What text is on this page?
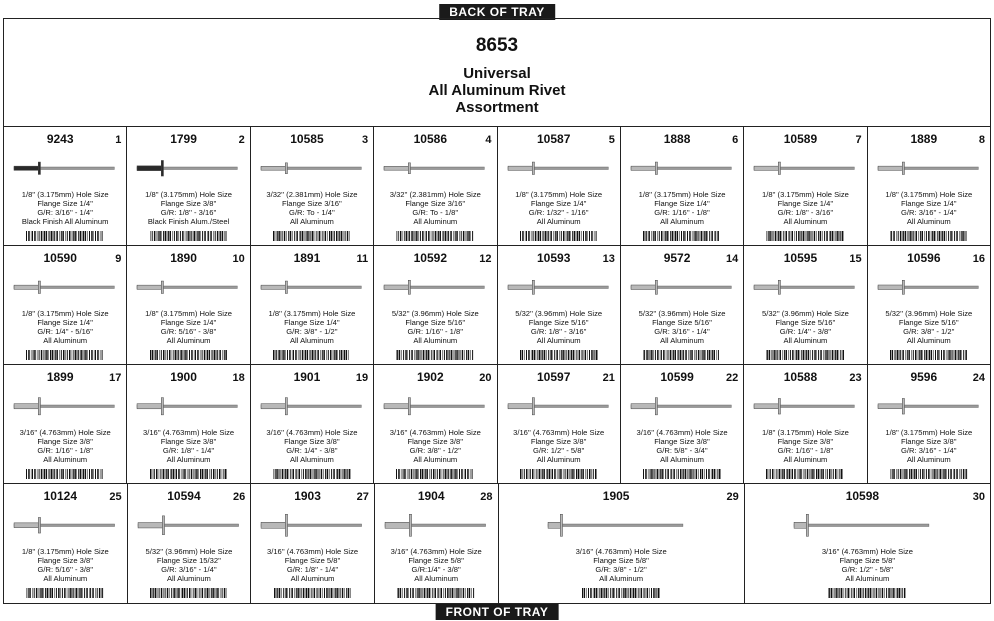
BACK OF TRAY
8653
Universal
All Aluminum Rivet
Assortment
9243	1
1/8'' (3.175mm) Hole Size
Flange Size 1/4''
G/R: 3/16'' - 1/4''
Black Finish All Aluminum
1799	2
1/8'' (3.175mm) Hole Size
Flange Size 3/8''
G/R: 1/8'' - 3/16''
Black Finish Alum./Steel
10585	3
3/32'' (2.381mm) Hole Size
Flange Size 3/16''
G/R: To - 1/4''
All Aluminum
10586	4
3/32'' (2.381mm) Hole Size
Flange Size 3/16''
G/R: To - 1/8''
All Aluminum
10587	5
1/8'' (3.175mm) Hole Size
Flange Size 1/4''
G/R: 1/32'' - 1/16''
All Aluminum
1888	6
1/8'' (3.175mm) Hole Size
Flange Size 1/4''
G/R: 1/16'' - 1/8''
All Aluminum
10589	7
1/8'' (3.175mm) Hole Size
Flange Size 1/4''
G/R: 1/8'' - 3/16''
All Aluminum
1889	8
1/8'' (3.175mm) Hole Size
Flange Size 1/4''
G/R: 3/16'' - 1/4''
All Aluminum
10590	9
1/8'' (3.175mm) Hole Size
Flange Size 1/4''
G/R: 1/4'' - 5/16''
All Aluminum
1890	10
1/8'' (3.175mm) Hole Size
Flange Size 1/4''
G/R: 5/16'' - 3/8''
All Aluminum
1891	11
1/8'' (3.175mm) Hole Size
Flange Size 1/4''
G/R: 3/8'' - 1/2''
All Aluminum
10592	12
5/32'' (3.96mm) Hole Size
Flange Size 5/16''
G/R: 1/16'' - 1/8''
All Aluminum
10593	13
5/32'' (3.96mm) Hole Size
Flange Size 5/16''
G/R: 1/8'' - 3/16''
All Aluminum
9572	14
5/32'' (3.96mm) Hole Size
Flange Size 5/16''
G/R: 3/16'' - 1/4''
All Aluminum
10595	15
5/32'' (3.96mm) Hole Size
Flange Size 5/16''
G/R: 1/4'' - 3/8''
All Aluminum
10596	16
5/32'' (3.96mm) Hole Size
Flange Size 5/16''
G/R: 3/8'' - 1/2''
All Aluminum
1899	17
3/16'' (4.763mm) Hole Size
Flange Size 3/8''
G/R: 1/16'' - 1/8''
All Aluminum
1900	18
3/16'' (4.763mm) Hole Size
Flange Size 3/8''
G/R: 1/8'' - 1/4''
All Aluminum
1901	19
3/16'' (4.763mm) Hole Size
Flange Size 3/8''
G/R: 1/4'' - 3/8''
All Aluminum
1902	20
3/16'' (4.763mm) Hole Size
Flange Size 3/8''
G/R: 3/8'' - 1/2''
All Aluminum
10597	21
3/16'' (4.763mm) Hole Size
Flange Size 3/8''
G/R: 1/2'' - 5/8''
All Aluminum
10599	22
3/16'' (4.763mm) Hole Size
Flange Size 3/8''
G/R: 5/8'' - 3/4''
All Aluminum
10588	23
1/8'' (3.175mm) Hole Size
Flange Size 3/8''
G/R: 1/16'' - 1/8''
All Aluminum
9596	24
1/8'' (3.175mm) Hole Size
Flange Size 3/8''
G/R: 3/16'' - 1/4''
All Aluminum
10124	25
1/8'' (3.175mm) Hole Size
Flange Size 3/8''
G/R: 5/16'' - 3/8''
All Aluminum
10594	26
5/32'' (3.96mm) Hole Size
Flange Size 15/32''
G/R: 3/16'' - 1/4''
All Aluminum
1903	27
3/16'' (4.763mm) Hole Size
Flange Size 5/8''
G/R: 1/8'' - 1/4''
All Aluminum
1904	28
3/16'' (4.763mm) Hole Size
Flange Size 5/8''
G/R:1/4'' - 3/8''
All Aluminum
1905	29
3/16'' (4.763mm) Hole Size
Flange Size 5/8''
G/R: 3/8'' - 1/2''
All Aluminum
10598	30
3/16'' (4.763mm) Hole Size
Flange Size 5/8''
G/R: 1/2'' - 5/8''
All Aluminum
FRONT OF TRAY
